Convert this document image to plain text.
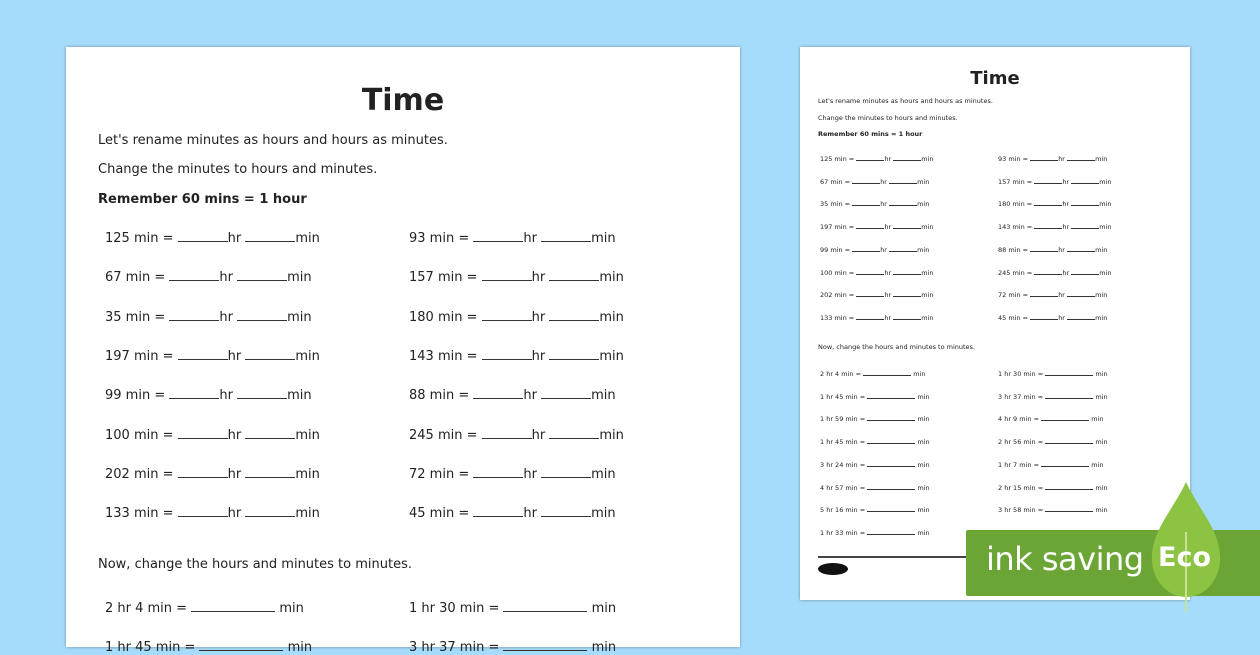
Time
Let's rename minutes as hours and hours as minutes.
Change the minutes to hours and minutes.
Remember 60 mins = 1 hour
Now, change the hours and minutes to minutes.
125 min =	hr	min
67 min =	hr	min
35 min =	hr	min
197 min =	hr	min
99 min =	hr	min
100 min =	hr	min
202 min =	hr	min
133 min =	hr	min
93 min =	hr	min
157 min =	hr	min
180 min =	hr	min
143 min =	hr	min
88 min =	hr	min
245 min =	hr	min
72 min =	hr	min
45 min =	hr	min
2 hr 4 min =	min
1 hr 45 min =	min
1 hr 30 min =	min
3 hr 37 min =	min
Time
Let's rename minutes as hours and hours as minutes.
Change the minutes to hours and minutes.
Remember 60 mins = 1 hour
Now, change the hours and minutes to minutes.
125 min =	hr	min
67 min =	hr	min
35 min =	hr	min
197 min =	hr	min
99 min =	hr	min
100 min =	hr	min
202 min =	hr	min
133 min =	hr	min
93 min =	hr	min
157 min =	hr	min
180 min =	hr	min
143 min =	hr	min
88 min =	hr	min
245 min =	hr	min
72 min =	hr	min
45 min =	hr	min
2 hr 4 min =	min
1 hr 45 min =	min
1 hr 59 min =	min
1 hr 45 min =	min
3 hr 24 min =	min
4 hr 57 min =	min
5 hr 16 min =	min
1 hr 33 min =	min
1 hr 30 min =	min
3 hr 37 min =	min
4 hr 9 min =	min
2 hr 56 min =	min
1 hr 7 min =	min
2 hr 15 min =	min
3 hr 58 min =	min
ink saving Eco
